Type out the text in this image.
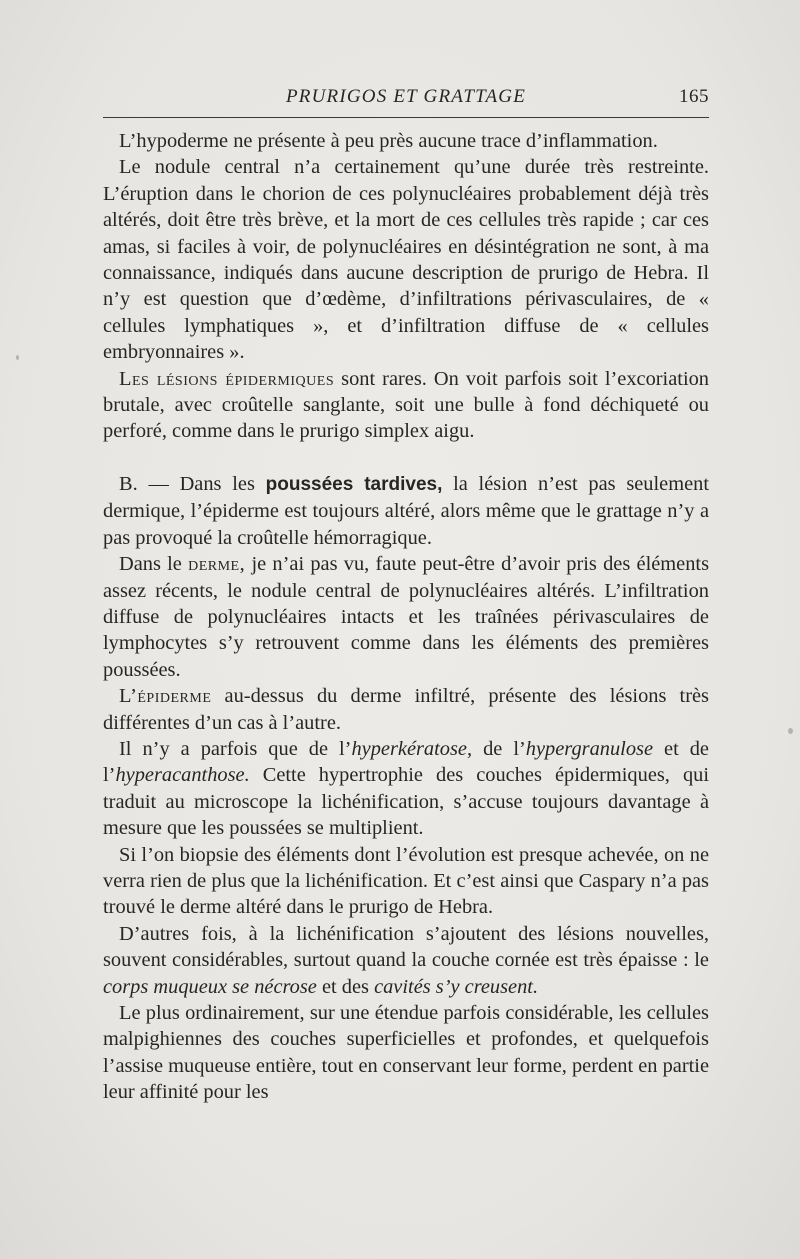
PRURIGOS ET GRATTAGE	165

L’hypoderme ne présente à peu près aucune trace d’inflammation.

Le nodule central n’a certainement qu’une durée très restreinte. L’éruption dans le chorion de ces polynucléaires probablement déjà très altérés, doit être très brève, et la mort de ces cellules très rapide ; car ces amas, si faciles à voir, de polynucléaires en désintégration ne sont, à ma connaissance, indiqués dans aucune description de prurigo de Hebra. Il n’y est question que d’œdème, d’infiltrations périvasculaires, de « cellules lymphatiques », et d’infiltration diffuse de « cellules embryonnaires ».

Les lésions épidermiques sont rares. On voit parfois soit l’excoriation brutale, avec croûtelle sanglante, soit une bulle à fond déchiqueté ou perforé, comme dans le prurigo simplex aigu.

B. — Dans les poussées tardives, la lésion n’est pas seulement dermique, l’épiderme est toujours altéré, alors même que le grattage n’y a pas provoqué la croûtelle hémorragique.

Dans le derme, je n’ai pas vu, faute peut-être d’avoir pris des éléments assez récents, le nodule central de polynucléaires altérés. L’infiltration diffuse de polynucléaires intacts et les traînées périvasculaires de lymphocytes s’y retrouvent comme dans les éléments des premières poussées.

L’épiderme au-dessus du derme infiltré, présente des lésions très différentes d’un cas à l’autre.

Il n’y a parfois que de l’hyperkératose, de l’hypergranulose et de l’hyperacanthose. Cette hypertrophie des couches épidermiques, qui traduit au microscope la lichénification, s’accuse toujours davantage à mesure que les poussées se multiplient.

Si l’on biopsie des éléments dont l’évolution est presque achevée, on ne verra rien de plus que la lichénification. Et c’est ainsi que Caspary n’a pas trouvé le derme altéré dans le prurigo de Hebra.

D’autres fois, à la lichénification s’ajoutent des lésions nouvelles, souvent considérables, surtout quand la couche cornée est très épaisse : le corps muqueux se nécrose et des cavités s’y creusent.

Le plus ordinairement, sur une étendue parfois considérable, les cellules malpighiennes des couches superficielles et profondes, et quelquefois l’assise muqueuse entière, tout en conservant leur forme, perdent en partie leur affinité pour les
